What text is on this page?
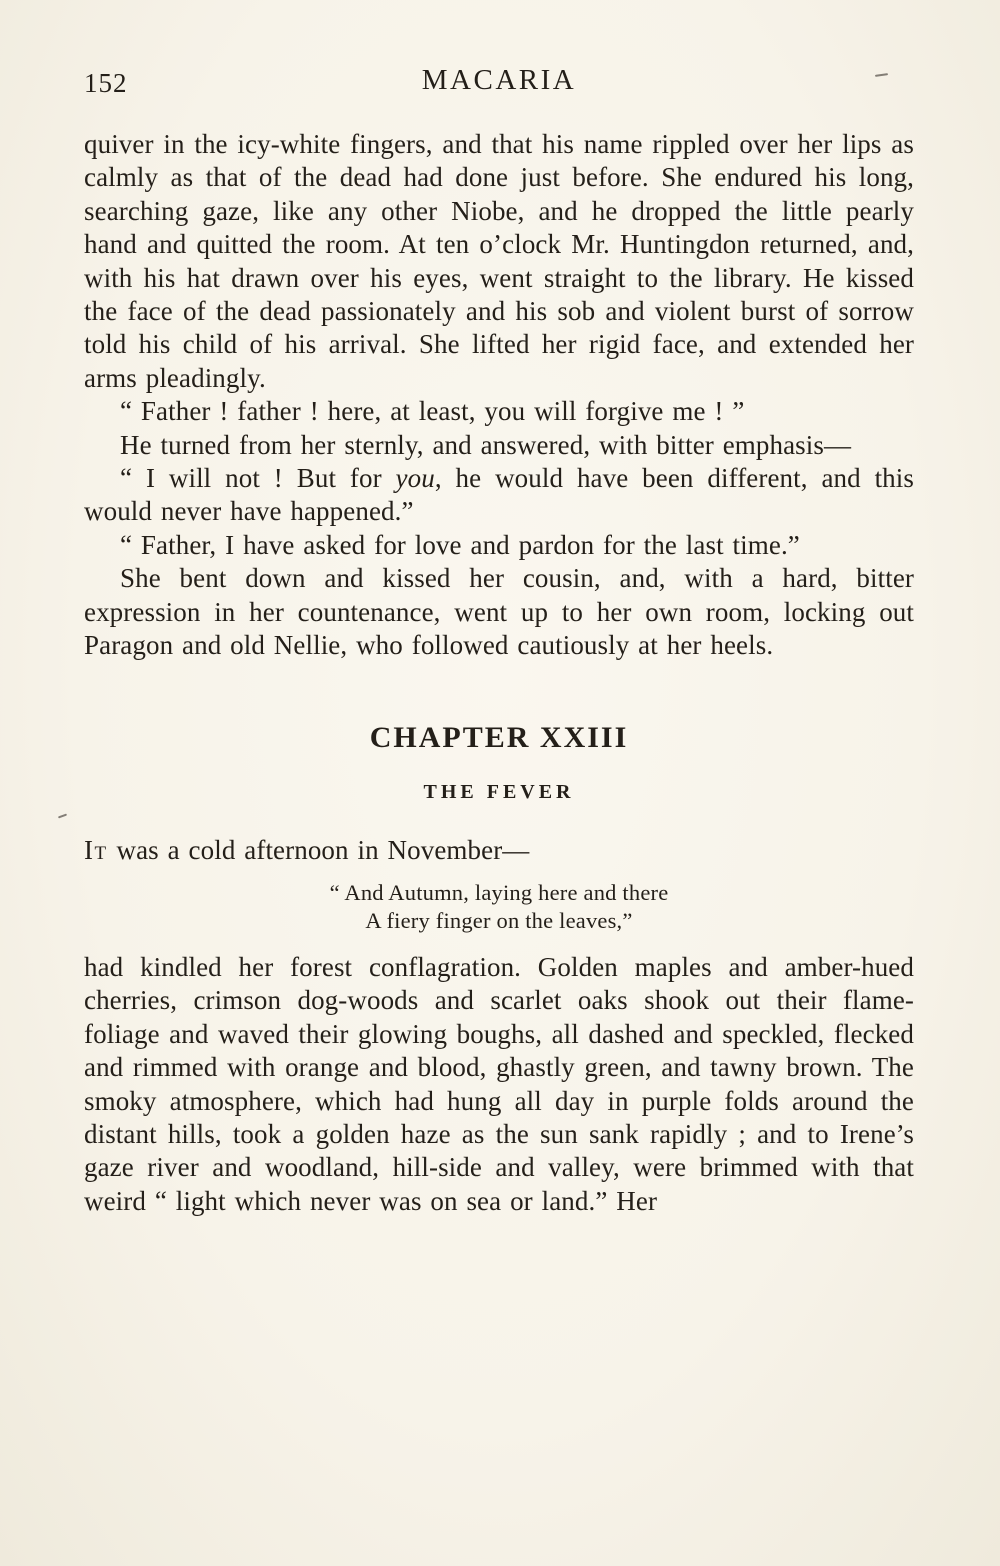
152	MACARIA

quiver in the icy-white fingers, and that his name rippled over her lips as calmly as that of the dead had done just before. She endured his long, searching gaze, like any other Niobe, and he dropped the little pearly hand and quitted the room. At ten o’clock Mr. Huntingdon returned, and, with his hat drawn over his eyes, went straight to the library. He kissed the face of the dead passionately and his sob and violent burst of sorrow told his child of his arrival. She lifted her rigid face, and extended her arms pleadingly.

“ Father ! father ! here, at least, you will forgive me ! ”

He turned from her sternly, and answered, with bitter emphasis—

“ I will not ! But for you, he would have been different, and this would never have happened.”

“ Father, I have asked for love and pardon for the last time.”

She bent down and kissed her cousin, and, with a hard, bitter expression in her countenance, went up to her own room, locking out Paragon and old Nellie, who followed cautiously at her heels.

CHAPTER XXIII
THE FEVER

It was a cold afternoon in November—

“ And Autumn, laying here and there
A fiery finger on the leaves,”

had kindled her forest conflagration. Golden maples and amber-hued cherries, crimson dog-woods and scarlet oaks shook out their flame-foliage and waved their glowing boughs, all dashed and speckled, flecked and rimmed with orange and blood, ghastly green, and tawny brown. The smoky atmosphere, which had hung all day in purple folds around the distant hills, took a golden haze as the sun sank rapidly ; and to Irene’s gaze river and woodland, hill-side and valley, were brimmed with that weird “ light which never was on sea or land.” Her
